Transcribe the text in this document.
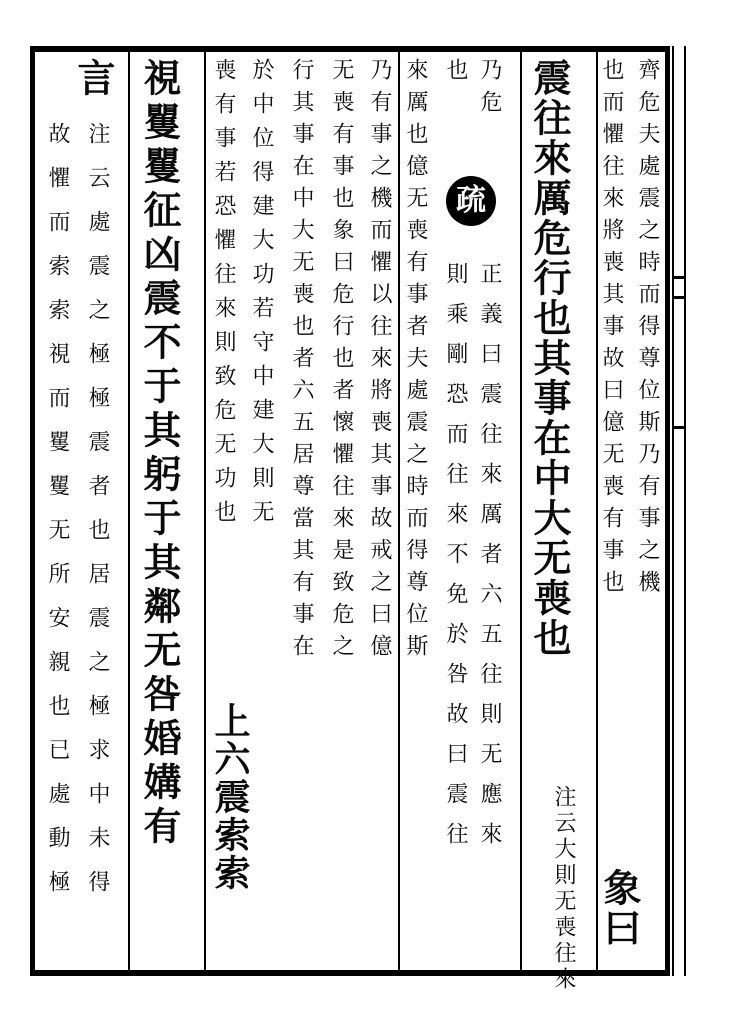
齊危夫處震之時而得尊位斯乃有事之機
也而懼往來將喪其事故曰億无喪有事也
象曰
震往來厲危行也其事在中大无喪也
注云大則无喪往來
乃危
正義曰震往來厲者六五往則无應來
也
則乘剛恐而往來不免於咎故曰震往
疏
來厲也億无喪有事者夫處震之時而得尊位斯
乃有事之機而懼以往來將喪其事故戒之曰億
无喪有事也象曰危行也者懷懼往來是致危之
行其事在中大无喪也者六五居尊當其有事在
於中位得建大功若守中建大則无
上六震索索
喪有事若恐懼往來則致危无功也
視矍矍征凶震不于其躬于其鄰无咎婚媾有
言
注云處震之極極震者也居震之極求中未得
故懼而索索視而矍矍无所安親也已處動極
